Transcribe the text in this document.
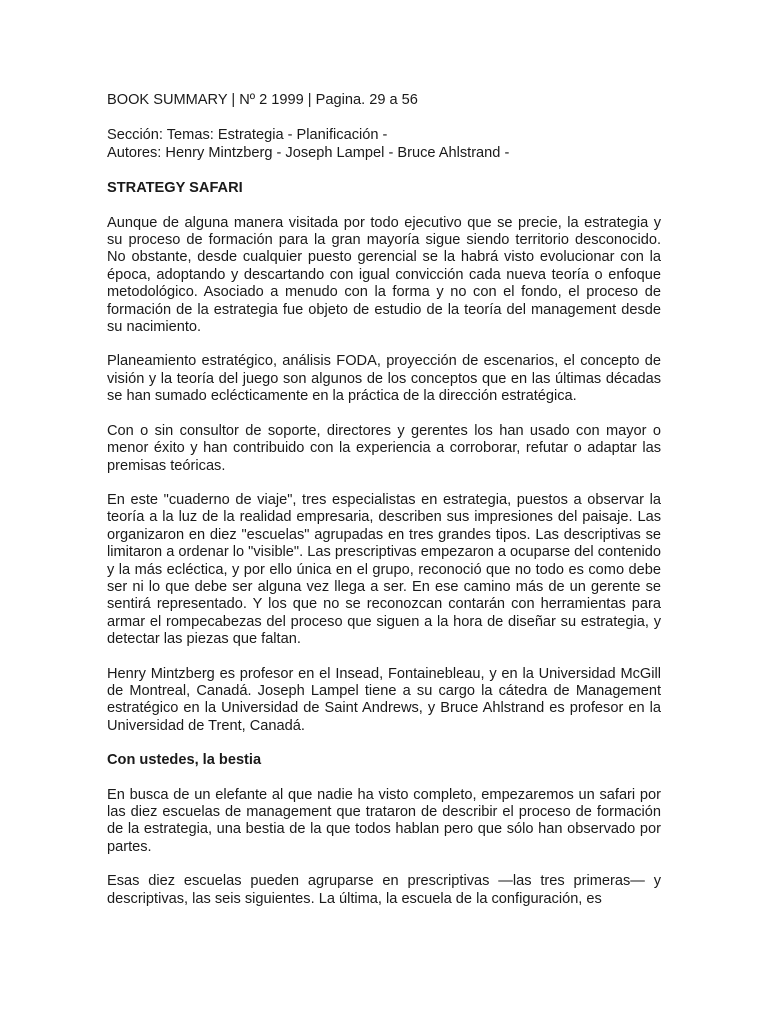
BOOK SUMMARY | Nº 2 1999 | Pagina. 29 a 56

Sección: Temas: Estrategia - Planificación -
Autores: Henry Mintzberg - Joseph Lampel - Bruce Ahlstrand -

STRATEGY SAFARI

Aunque de alguna manera visitada por todo ejecutivo que se precie, la estrategia y su proceso de formación para la gran mayoría sigue siendo territorio desconocido. No obstante, desde cualquier puesto gerencial se la habrá visto evolucionar con la época, adoptando y descartando con igual convicción cada nueva teoría o enfoque metodológico. Asociado a menudo con la forma y no con el fondo, el proceso de formación de la estrategia fue objeto de estudio de la teoría del management desde su nacimiento.

Planeamiento estratégico, análisis FODA, proyección de escenarios, el concepto de visión y la teoría del juego son algunos de los conceptos que en las últimas décadas se han sumado eclécticamente en la práctica de la dirección estratégica.

Con o sin consultor de soporte, directores y gerentes los han usado con mayor o menor éxito y han contribuido con la experiencia a corroborar, refutar o adaptar las premisas teóricas.

En este "cuaderno de viaje", tres especialistas en estrategia, puestos a observar la teoría a la luz de la realidad empresaria, describen sus impresiones del paisaje. Las organizaron en diez "escuelas" agrupadas en tres grandes tipos. Las descriptivas se limitaron a ordenar lo "visible". Las prescriptivas empezaron a ocuparse del contenido y la más ecléctica, y por ello única en el grupo, reconoció que no todo es como debe ser ni lo que debe ser alguna vez llega a ser. En ese camino más de un gerente se sentirá representado. Y los que no se reconozcan contarán con herramientas para armar el rompecabezas del proceso que siguen a la hora de diseñar su estrategia, y detectar las piezas que faltan.

Henry Mintzberg es profesor en el Insead, Fontainebleau, y en la Universidad McGill de Montreal, Canadá. Joseph Lampel tiene a su cargo la cátedra de Management estratégico en la Universidad de Saint Andrews, y Bruce Ahlstrand es profesor en la Universidad de Trent, Canadá.

Con ustedes, la bestia

En busca de un elefante al que nadie ha visto completo, empezaremos un safari por las diez escuelas de management que trataron de describir el proceso de formación de la estrategia, una bestia de la que todos hablan pero que sólo han observado por partes.

Esas diez escuelas pueden agruparse en prescriptivas —las tres primeras— y descriptivas, las seis siguientes. La última, la escuela de la configuración, es
